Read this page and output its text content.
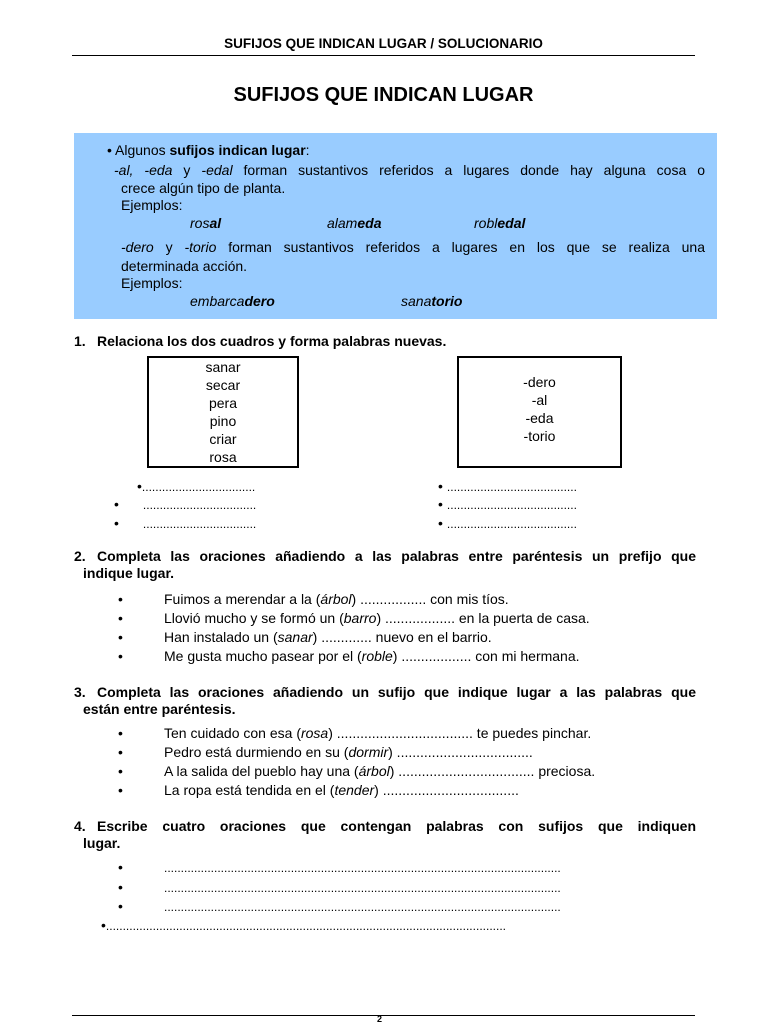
SUFIJOS QUE INDICAN LUGAR / SOLUCIONARIO
SUFIJOS QUE INDICAN LUGAR
• Algunos sufijos indican lugar:
-al, -eda y -edal forman sustantivos referidos a lugares donde hay alguna cosa o
crece algún tipo de planta.
Ejemplos:
rosal	alameda	robledal
-dero y -torio forman sustantivos referidos a lugares en los que se realiza una
determinada acción.
Ejemplos:
embarcadero	sanatorio
1. Relaciona los dos cuadros y forma palabras nuevas.
sanar
secar
pera
pino
criar
rosa
-dero
-al
-eda
-torio
•..................................
• ..................................
• ..................................
• .......................................
• .......................................
• .......................................
2. Completa las oraciones añadiendo a las palabras entre paréntesis un prefijo que
indique lugar.
•	Fuimos a merendar a la (árbol) ................. con mis tíos.
•	Llovió mucho y se formó un (barro) .................. en la puerta de casa.
•	Han instalado un (sanar) ............. nuevo en el barrio.
•	Me gusta mucho pasear por el (roble) .................. con mi hermana.
3. Completa las oraciones añadiendo un sufijo que indique lugar a las palabras que
están entre paréntesis.
•	Ten cuidado con esa (rosa) ................................... te puedes pinchar.
•	Pedro está durmiendo en su (dormir) ...................................
•	A la salida del pueblo hay una (árbol) ................................... preciosa.
•	La ropa está tendida en el (tender) ...................................
4. Escribe cuatro oraciones que contengan palabras con sufijos que indiquen
lugar.
•	.......................................................................................................................
•	.......................................................................................................................
•	.......................................................................................................................
•........................................................................................................................
2
